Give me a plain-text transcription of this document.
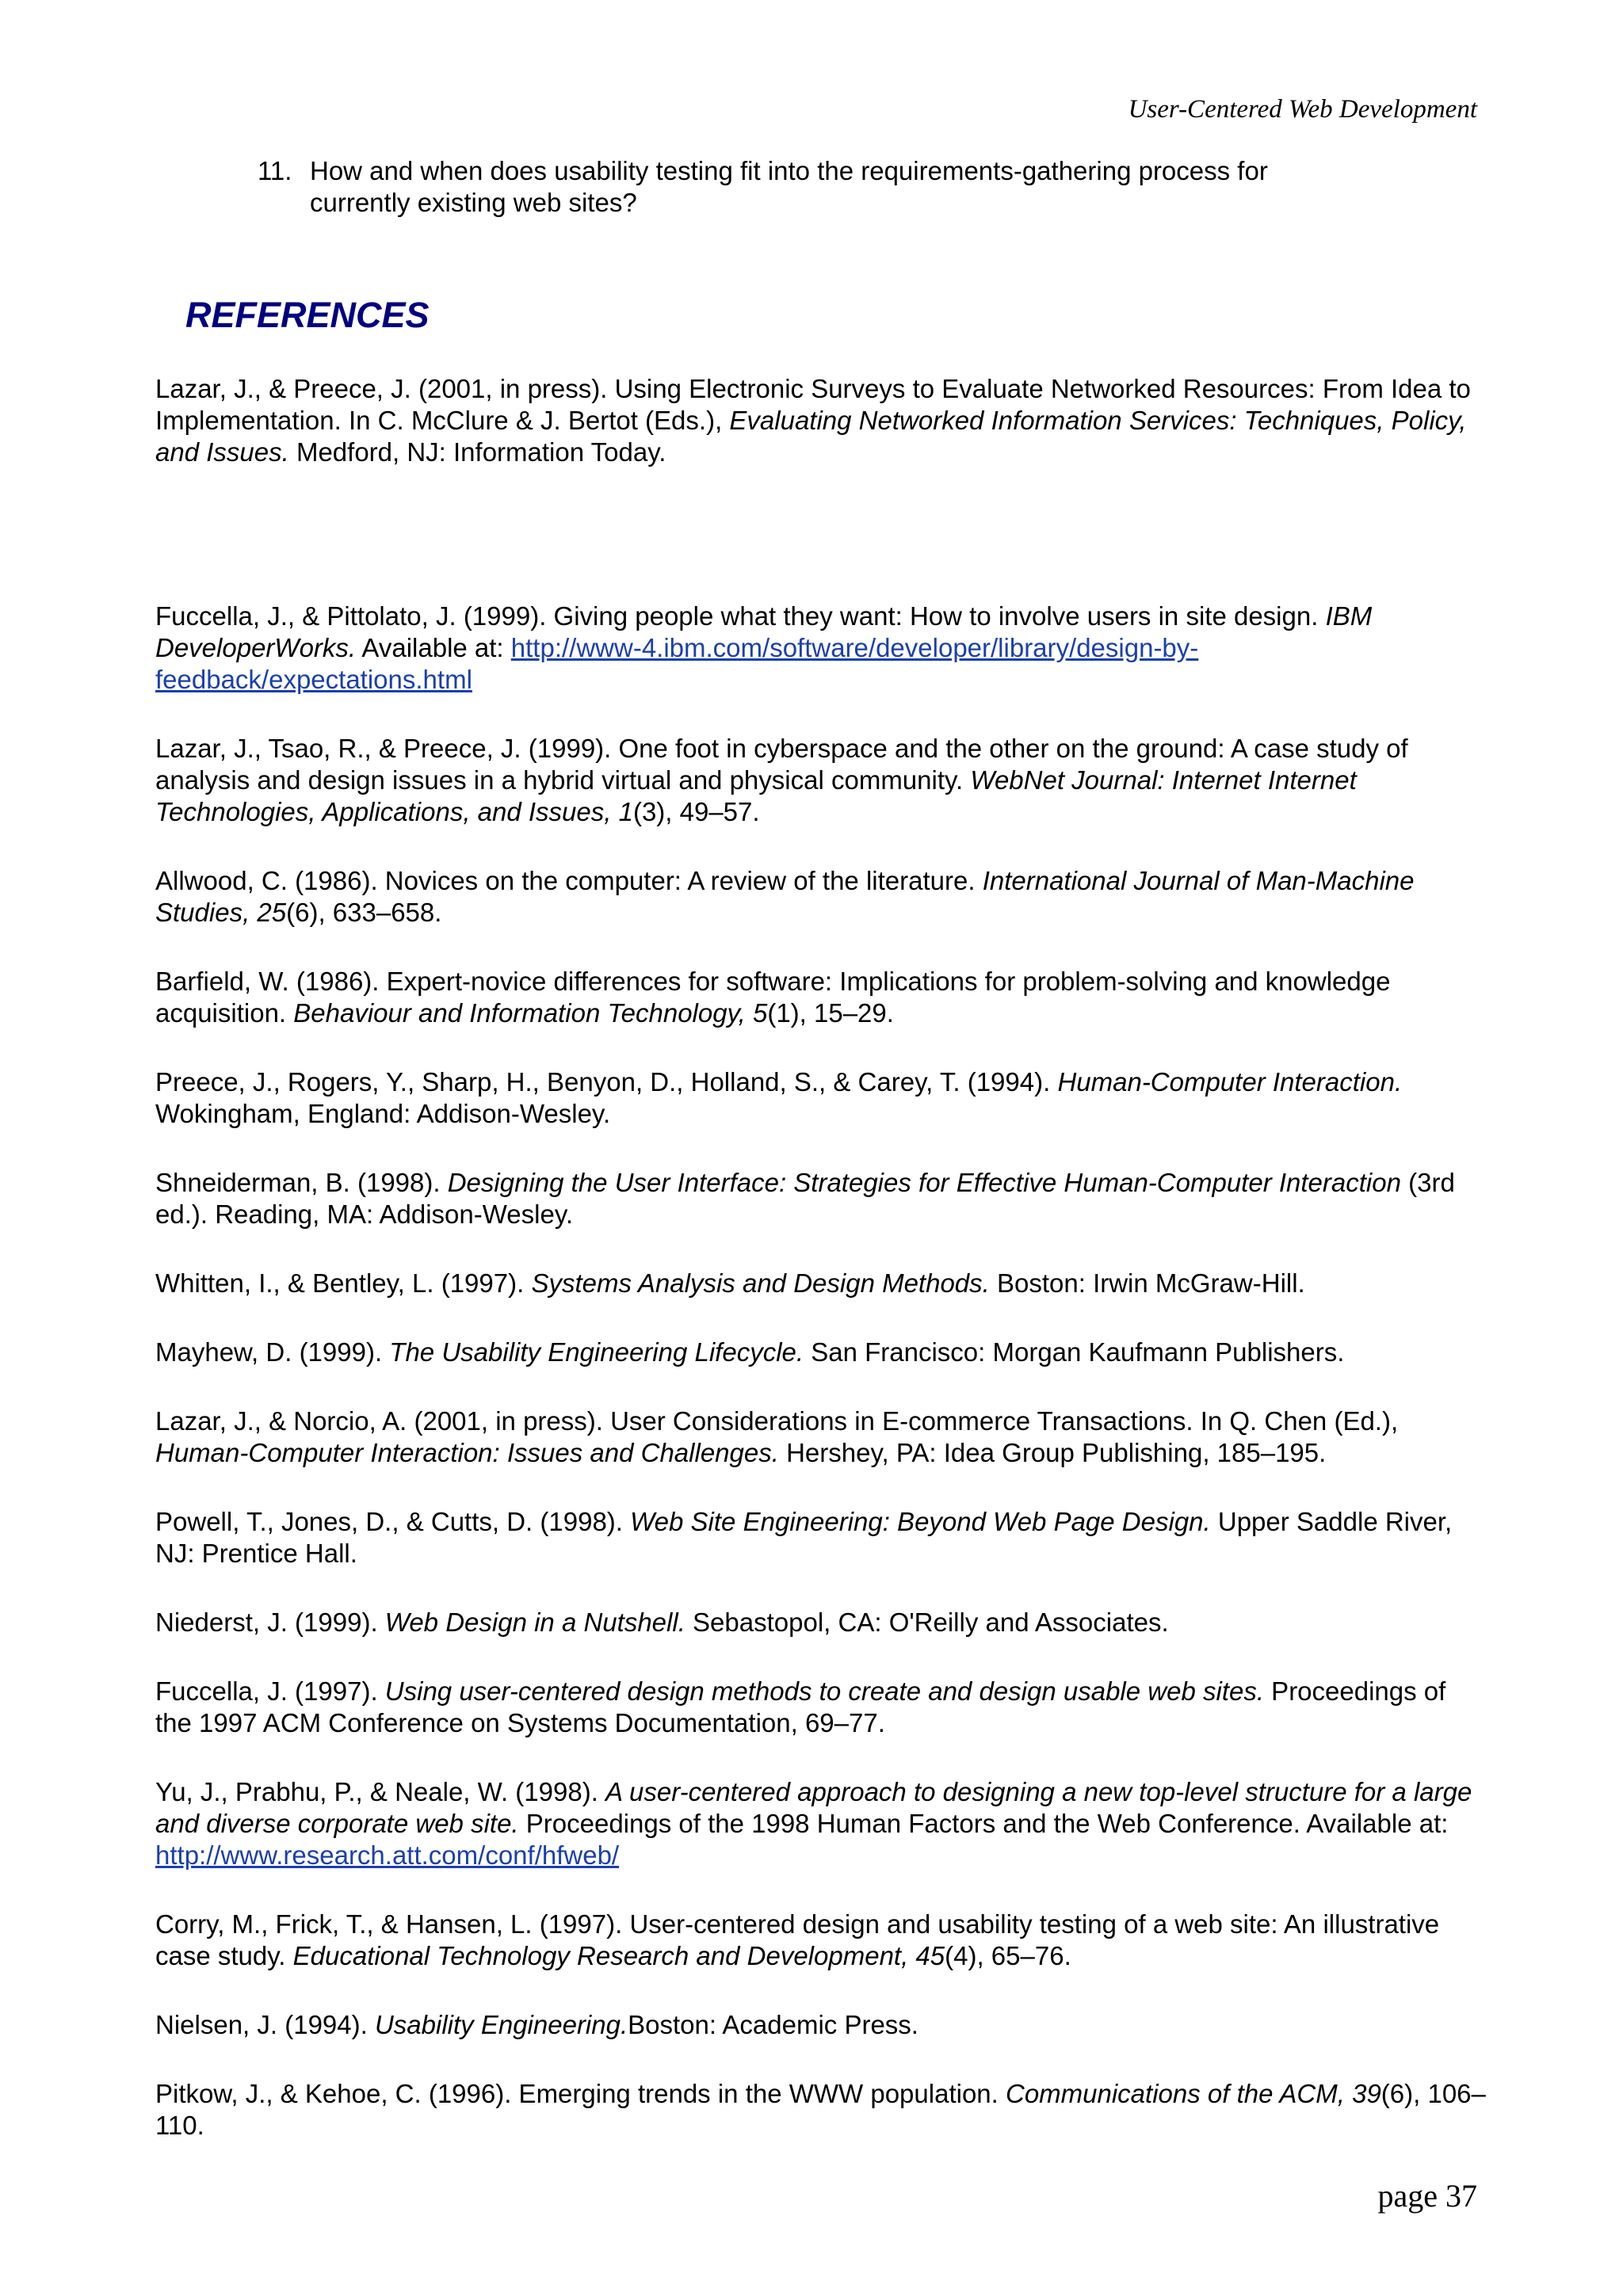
User-Centered Web Development
11. How and when does usability testing fit into the requirements-gathering process for currently existing web sites?
REFERENCES

Lazar, J., & Preece, J. (2001, in press). Using Electronic Surveys to Evaluate Networked Resources: From Idea to Implementation. In C. McClure & J. Bertot (Eds.), Evaluating Networked Information Services: Techniques, Policy, and Issues. Medford, NJ: Information Today.

Fuccella, J., & Pittolato, J. (1999). Giving people what they want: How to involve users in site design. IBM DeveloperWorks. Available at: http://www-4.ibm.com/software/developer/library/design-by-feedback/expectations.html

Lazar, J., Tsao, R., & Preece, J. (1999). One foot in cyberspace and the other on the ground: A case study of analysis and design issues in a hybrid virtual and physical community. WebNet Journal: Internet Internet Technologies, Applications, and Issues, 1(3), 49–57.

Allwood, C. (1986). Novices on the computer: A review of the literature. International Journal of Man-Machine Studies, 25(6), 633–658.

Barfield, W. (1986). Expert-novice differences for software: Implications for problem-solving and knowledge acquisition. Behaviour and Information Technology, 5(1), 15–29.

Preece, J., Rogers, Y., Sharp, H., Benyon, D., Holland, S., & Carey, T. (1994). Human-Computer Interaction. Wokingham, England: Addison-Wesley.

Shneiderman, B. (1998). Designing the User Interface: Strategies for Effective Human-Computer Interaction (3rd ed.). Reading, MA: Addison-Wesley.

Whitten, I., & Bentley, L. (1997). Systems Analysis and Design Methods. Boston: Irwin McGraw-Hill.

Mayhew, D. (1999). The Usability Engineering Lifecycle. San Francisco: Morgan Kaufmann Publishers.

Lazar, J., & Norcio, A. (2001, in press). User Considerations in E-commerce Transactions. In Q. Chen (Ed.), Human-Computer Interaction: Issues and Challenges. Hershey, PA: Idea Group Publishing, 185–195.

Powell, T., Jones, D., & Cutts, D. (1998). Web Site Engineering: Beyond Web Page Design. Upper Saddle River, NJ: Prentice Hall.

Niederst, J. (1999). Web Design in a Nutshell. Sebastopol, CA: O'Reilly and Associates.

Fuccella, J. (1997). Using user-centered design methods to create and design usable web sites. Proceedings of the 1997 ACM Conference on Systems Documentation, 69–77.

Yu, J., Prabhu, P., & Neale, W. (1998). A user-centered approach to designing a new top-level structure for a large and diverse corporate web site. Proceedings of the 1998 Human Factors and the Web Conference. Available at: http://www.research.att.com/conf/hfweb/

Corry, M., Frick, T., & Hansen, L. (1997). User-centered design and usability testing of a web site: An illustrative case study. Educational Technology Research and Development, 45(4), 65–76.

Nielsen, J. (1994). Usability Engineering.Boston: Academic Press.

Pitkow, J., & Kehoe, C. (1996). Emerging trends in the WWW population. Communications of the ACM, 39(6), 106–110.

page 37
